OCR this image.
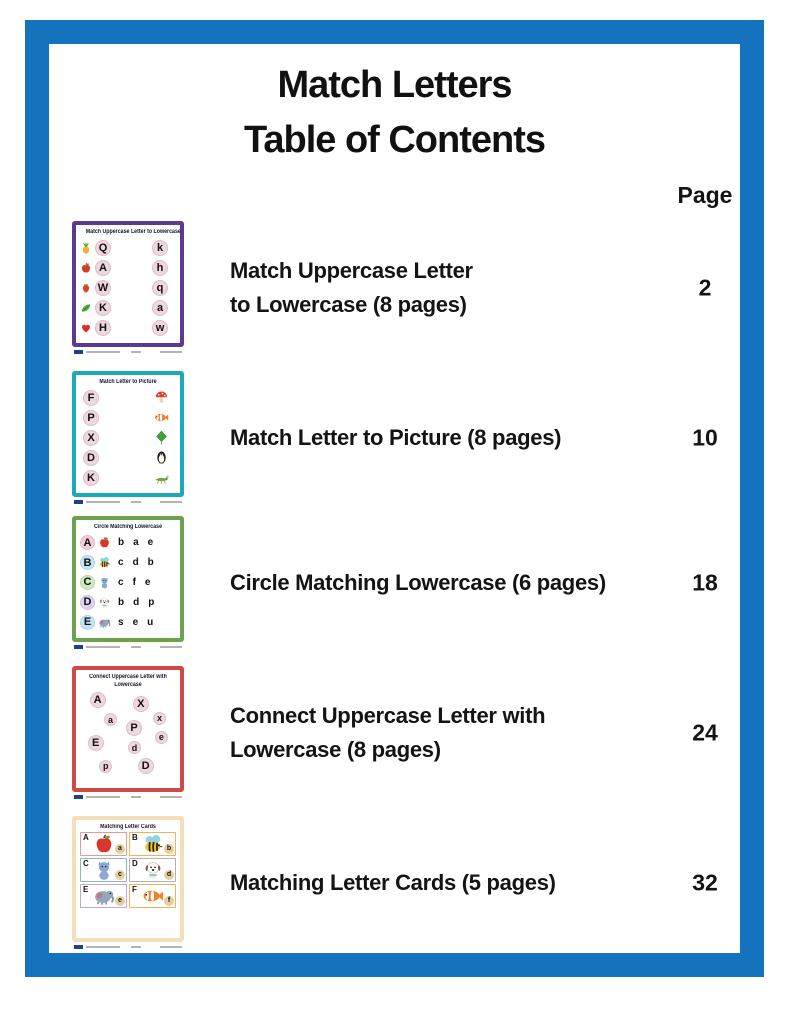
Match Letters
Table of Contents
Page
Match Uppercase Letter to Lowercase
Q	k
A	h
W	q
K	a
H	w
Match Uppercase Letter
to Lowercase (8 pages)
2
Match Letter to Picture
F
P
X
D
K
Match Letter to Picture (8 pages)	10
Circle Matching Lowercase
A	b a e
B	c d b
C	c f e
D	b d p
E	s e u
Circle Matching Lowercase (6 pages)	18
Connect Uppercase Letter with
Lowercase
A	X
a	x
P
E	e
d
p	D
Connect Uppercase Letter with
Lowercase (8 pages)
24
Matching Letter Cards
A
a
B
b
C
c
D
d
E
e
F
f
Matching Letter Cards (5 pages)	32
